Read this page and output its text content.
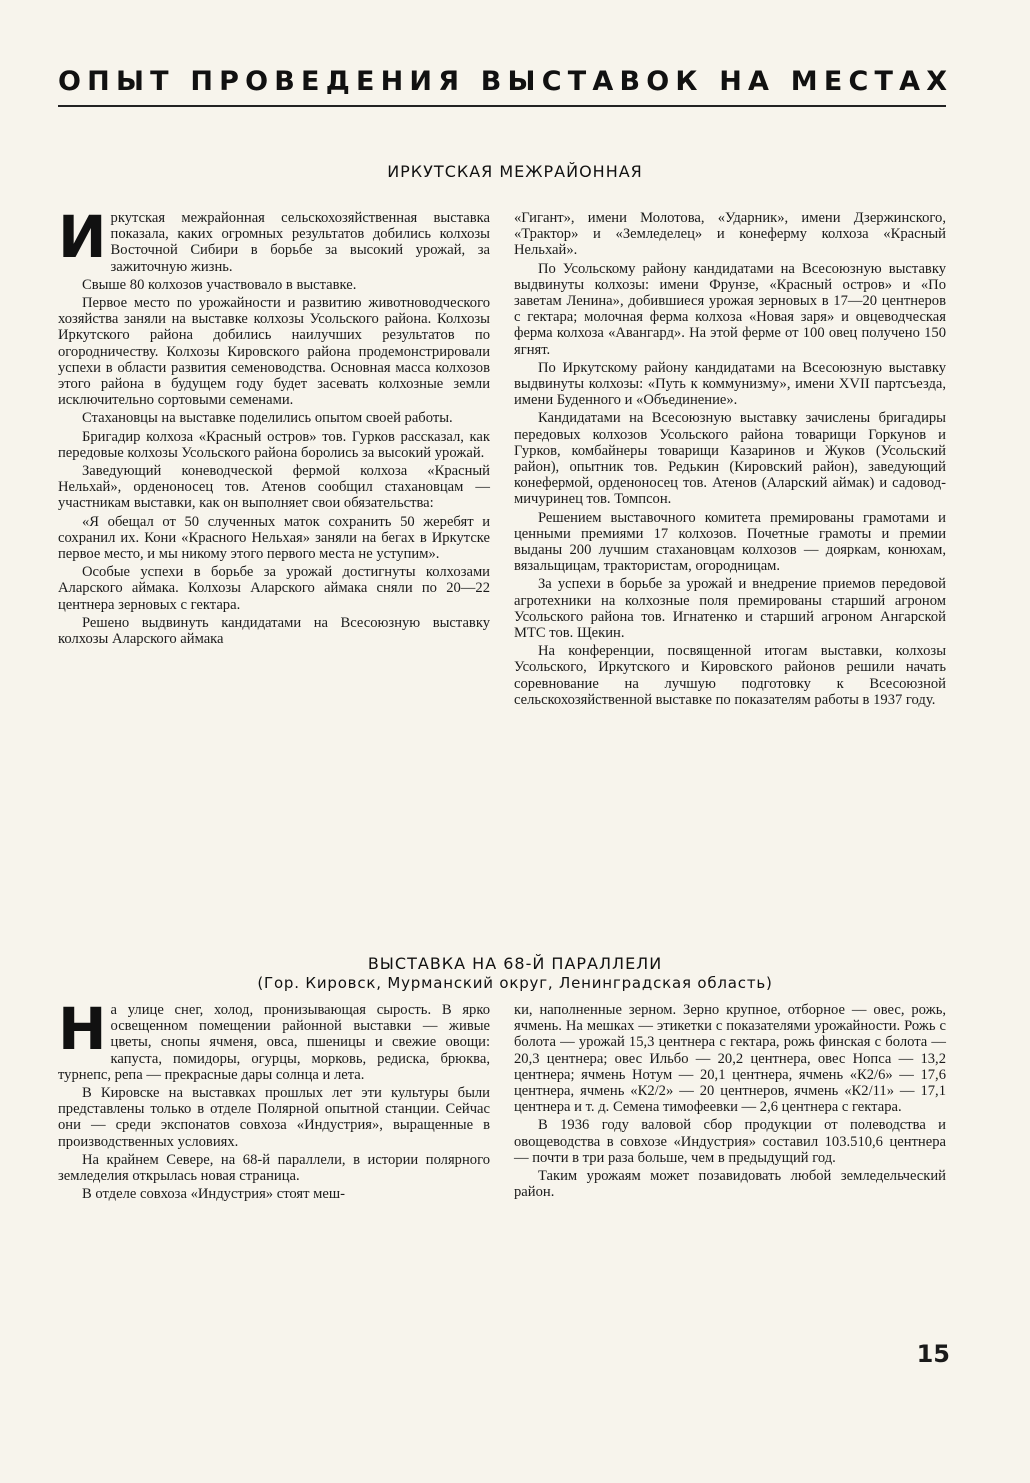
ОПЫТ ПРОВЕДЕНИЯ ВЫСТАВОК НА МЕСТАХ
ИРКУТСКАЯ МЕЖРАЙОННАЯ
И ркутская межрайонная сельскохозяйственная выставка показала, каких огромных результатов добились колхозы Восточной Сибири в борьбе за высокий урожай, за зажиточную жизнь.

Свыше 80 колхозов участвовало в выставке.

Первое место по урожайности и развитию животноводческого хозяйства заняли на выставке колхозы Усольского района. Колхозы Иркутского района добились наилучших результатов по огородничеству. Колхозы Кировского района продемонстрировали успехи в области развития семеноводства. Основная масса колхозов этого района в будущем году будет засевать колхозные земли исключительно сортовыми семенами.

Стахановцы на выставке поделились опытом своей работы.

Бригадир колхоза «Красный остров» тов. Гурков рассказал, как передовые колхозы Усольского района боролись за высокий урожай.

Заведующий коневодческой фермой колхоза «Красный Нельхай», орденоносец тов. Атенов сообщил стахановцам — участникам выставки, как он выполняет свои обязательства:

«Я обещал от 50 слученных маток сохранить 50 жеребят и сохранил их. Кони «Красного Нельхая» заняли на бегах в Иркутске первое место, и мы никому этого первого места не уступим».

Особые успехи в борьбе за урожай достигнуты колхозами Аларского аймака. Колхозы Аларского аймака сняли по 20—22 центнера зерновых с гектара.

Решено выдвинуть кандидатами на Всесоюзную выставку колхозы Аларского аймака

«Гигант», имени Молотова, «Ударник», имени Дзержинского, «Трактор» и «Земледелец» и конеферму колхоза «Красный Нельхай».

По Усольскому району кандидатами на Всесоюзную выставку выдвинуты колхозы: имени Фрунзе, «Красный остров» и «По заветам Ленина», добившиеся урожая зерновых в 17—20 центнеров с гектара; молочная ферма колхоза «Новая заря» и овцеводческая ферма колхоза «Авангард». На этой ферме от 100 овец получено 150 ягнят.

По Иркутскому району кандидатами на Всесоюзную выставку выдвинуты колхозы: «Путь к коммунизму», имени XVII партсъезда, имени Буденного и «Объединение».

Кандидатами на Всесоюзную выставку зачислены бригадиры передовых колхозов Усольского района товарищи Горкунов и Гурков, комбайнеры товарищи Казаринов и Жуков (Усольский район), опытник тов. Редькин (Кировский район), заведующий конефермой, орденоносец тов. Атенов (Аларский аймак) и садовод-мичуринец тов. Томпсон.

Решением выставочного комитета премированы грамотами и ценными премиями 17 колхозов. Почетные грамоты и премии выданы 200 лучшим стахановцам колхозов — дояркам, конюхам, вязальщицам, трактористам, огородницам.

За успехи в борьбе за урожай и внедрение приемов передовой агротехники на колхозные поля премированы старший агроном Усольского района тов. Игнатенко и старший агроном Ангарской МТС тов. Щекин.

На конференции, посвященной итогам выставки, колхозы Усольского, Иркутского и Кировского районов решили начать соревнование на лучшую подготовку к Всесоюзной сельскохозяйственной выставке по показателям работы в 1937 году.

ВЫСТАВКА НА 68-Й ПАРАЛЛЕЛИ
(Гор. Кировск, Мурманский округ, Ленинградская область)
Н а улице снег, холод, пронизывающая сырость. В ярко освещенном помещении районной выставки — живые цветы, снопы ячменя, овса, пшеницы и свежие овощи: капуста, помидоры, огурцы, морковь, редиска, брюква, турнепс, репа — прекрасные дары солнца и лета.

В Кировске на выставках прошлых лет эти культуры были представлены только в отделе Полярной опытной станции. Сейчас они — среди экспонатов совхоза «Индустрия», выращенные в производственных условиях.

На крайнем Севере, на 68-й параллели, в истории полярного земледелия открылась новая страница.

В отделе совхоза «Индустрия» стоят меш-

ки, наполненные зерном. Зерно крупное, отборное — овес, рожь, ячмень. На мешках — этикетки с показателями урожайности. Рожь с болота — урожай 15,3 центнера с гектара, рожь финская с болота — 20,3 центнера; овес Ильбо — 20,2 центнера, овес Нопса — 13,2 центнера; ячмень Нотум — 20,1 центнера, ячмень «К2/6» — 17,6 центнера, ячмень «К2/2» — 20 центнеров, ячмень «К2/11» — 17,1 центнера и т. д. Семена тимофеевки — 2,6 центнера с гектара.

В 1936 году валовой сбор продукции от полеводства и овощеводства в совхозе «Индустрия» составил 103.510,6 центнера — почти в три раза больше, чем в предыдущий год.

Таким урожаям может позавидовать любой земледельческий район.

15
